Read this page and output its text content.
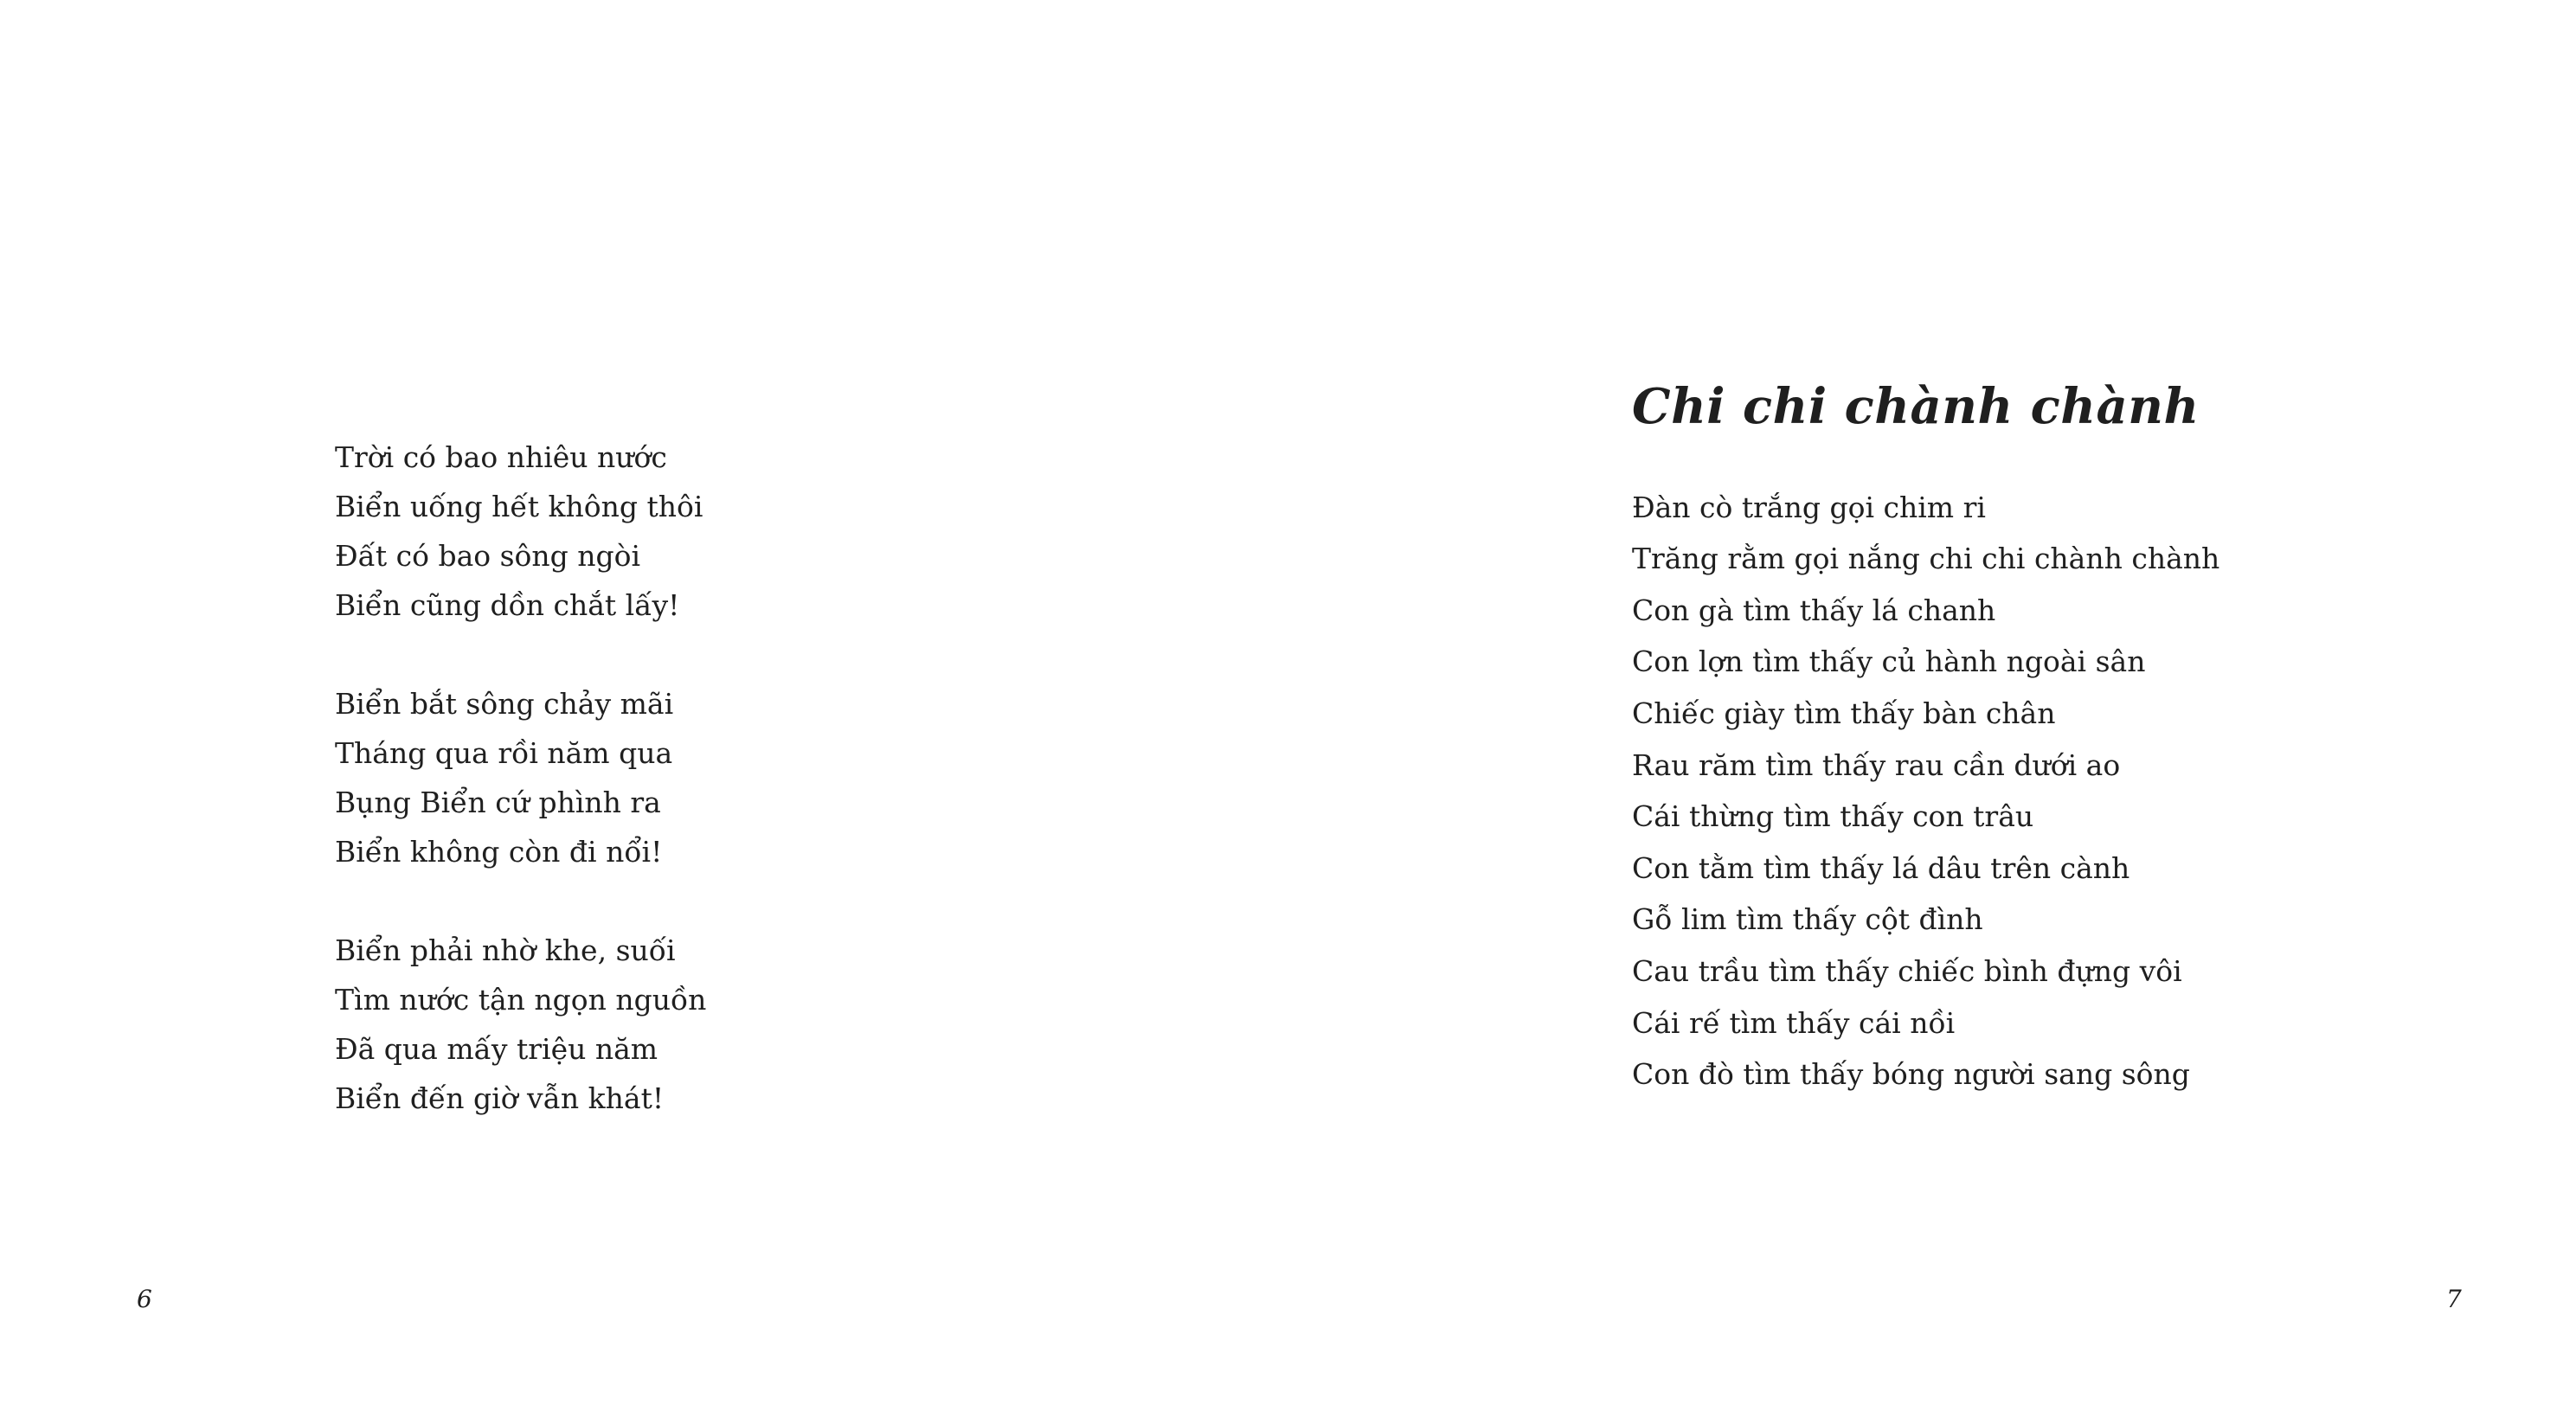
Trời có bao nhiêu nước
Biển uống hết không thôi
Đất có bao sông ngòi
Biển cũng dồn chắt lấy!
Biển bắt sông chảy mãi
Tháng qua rồi năm qua
Bụng Biển cứ phình ra
Biển không còn đi nổi!
Biển phải nhờ khe, suối
Tìm nước tận ngọn nguồn
Đã qua mấy triệu năm
Biển đến giờ vẫn khát!
6
Chi chi chành chành
Đàn cò trắng gọi chim ri
Trăng rằm gọi nắng chi chi chành chành
Con gà tìm thấy lá chanh
Con lợn tìm thấy củ hành ngoài sân
Chiếc giày tìm thấy bàn chân
Rau răm tìm thấy rau cần dưới ao
Cái thừng tìm thấy con trâu
Con tằm tìm thấy lá dâu trên cành
Gỗ lim tìm thấy cột đình
Cau trầu tìm thấy chiếc bình đựng vôi
Cái rế tìm thấy cái nồi
Con đò tìm thấy bóng người sang sông
7
